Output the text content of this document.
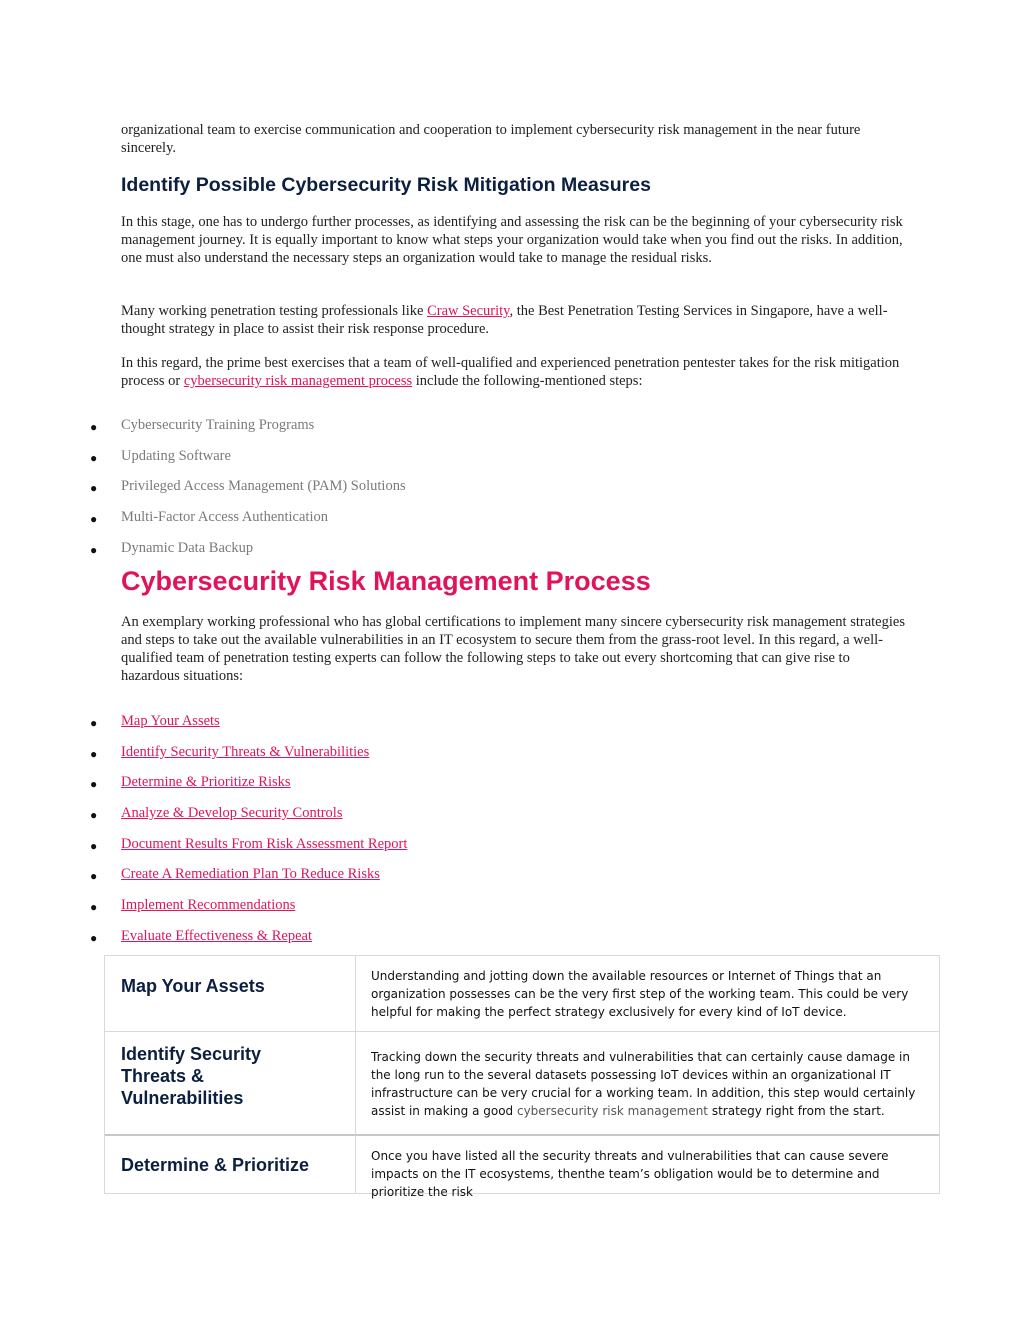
organizational team to exercise communication and cooperation to implement cybersecurity risk management in the near future sincerely.

Identify Possible Cybersecurity Risk Mitigation Measures

In this stage, one has to undergo further processes, as identifying and assessing the risk can be the beginning of your cybersecurity risk management journey. It is equally important to know what steps your organization would take when you find out the risks. In addition, one must also understand the necessary steps an organization would take to manage the residual risks.

Many working penetration testing professionals like Craw Security, the Best Penetration Testing Services in Singapore, have a well-thought strategy in place to assist their risk response procedure.

In this regard, the prime best exercises that a team of well-qualified and experienced penetration pentester takes for the risk mitigation process or cybersecurity risk management process include the following-mentioned steps:

● Cybersecurity Training Programs
● Updating Software
● Privileged Access Management (PAM) Solutions
● Multi-Factor Access Authentication
● Dynamic Data Backup
Cybersecurity Risk Management Process

An exemplary working professional who has global certifications to implement many sincere cybersecurity risk management strategies and steps to take out the available vulnerabilities in an IT ecosystem to secure them from the grass-root level. In this regard, a well-qualified team of penetration testing experts can follow the following steps to take out every shortcoming that can give rise to hazardous situations:

● Map Your Assets
● Identify Security Threats & Vulnerabilities
● Determine & Prioritize Risks
● Analyze & Develop Security Controls
● Document Results From Risk Assessment Report
● Create A Remediation Plan To Reduce Risks
● Implement Recommendations
● Evaluate Effectiveness & Repeat
Map Your Assets	Understanding and jotting down the available resources or Internet of Things that an organization possesses can be the very first step of the working team. This could be very helpful for making the perfect strategy exclusively for every kind of IoT device.
Identify Security Threats & Vulnerabilities
Tracking down the security threats and vulnerabilities that can certainly cause damage in the long run to the several datasets possessing IoT devices within an organizational IT infrastructure can be very crucial for a working team. In addition, this step would certainly assist in making a good cybersecurity risk management strategy right from the start.
Determine & Prioritize	Once you have listed all the security threats and vulnerabilities that can cause severe impacts on the IT ecosystems, thenthe team’s obligation would be to determine and prioritize the risk
